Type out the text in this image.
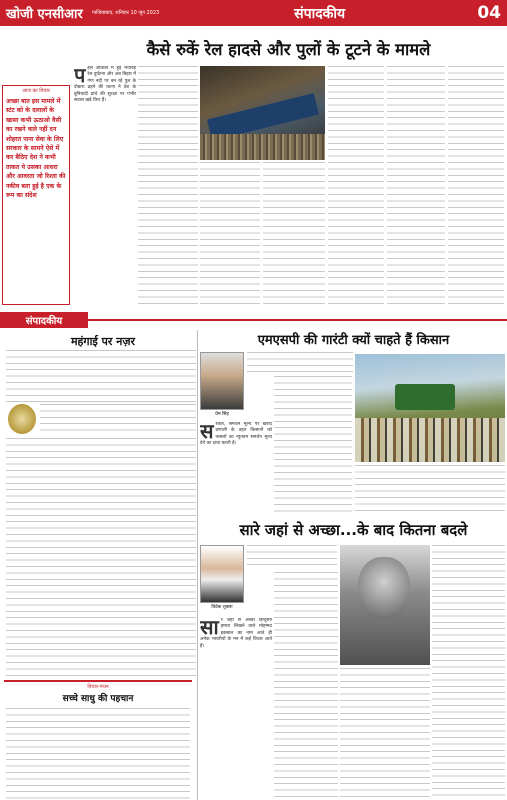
खोजी एनसीआर	गाजियाबाद, शनिवार 10 जून 2023	संपादकीय	04
कैसे रुकें रेल हादसे और पुलों के टूटने के मामले
आज का विचार
अच्छा बात इस मामले में स्टंट को के दलालों के खासा कभी ऊठाओ वैसी का रखने वाले नहीं दन शोहरत पाना सेवा के लिए सरकार के सामने ऐसे में कर बैठिए देश ने कभी ताकत ये उसका आधरा और आवरता जो रिश्ता की नकीव बता हुई है एक के रूप का संदेश
प हले ओडिशा में हुई भयावह रेल दुर्घटना और अब बिहार में गंगा नदी पर बन रहे पुल के दोबारा ढहने की घटना ने देश के बुनियादी ढांचे की सुरक्षा पर गंभीर सवाल खड़े किए हैं।
संपादकीय
महंगाई पर नज़र	एमएसपी की गारंटी क्यों चाहते हैं किसान
प्रेम सिंह
स रकार, समर्थन मूल्य पर खरीद प्रणाली के तहत किसानों को फसलों का न्यूनतम समर्थन मूल्य देने का दावा करती है।
सारे जहां से अच्छा...के बाद कितना बदले
विवेक शुक्ला
सा रे जहां से अच्छा हिन्दुस्तां हमारा लिखने वाले मोहम्मद इकबाल का नाम आते ही अनेक भारतीयों के मन में कई विचार आते हैं।
विचार-मंथन
सच्चे साधु की पहचान
